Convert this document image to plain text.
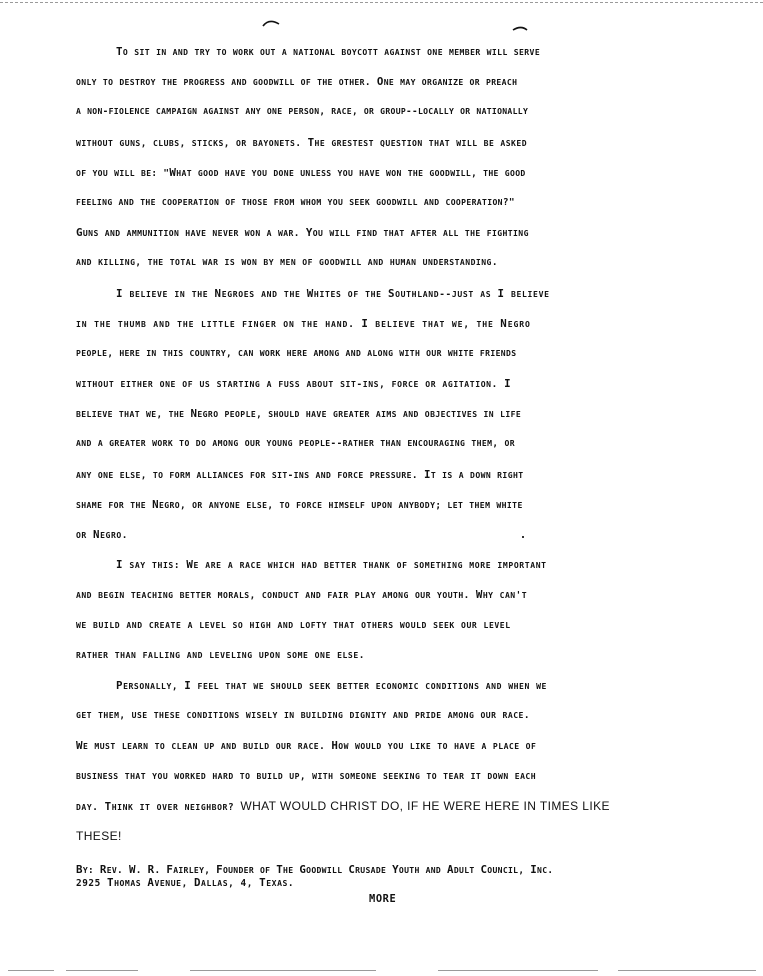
TO SIT IN AND TRY TO WORK OUT A NATIONAL BOYCOTT AGAINST ONE MEMBER WILL SERVE
ONLY TO DESTROY THE PROGRESS AND GOODWILL OF THE OTHER. ONE MAY ORGANIZE OR PREACH
A NON-FIOLENCE CAMPAIGN AGAINST ANY ONE PERSON, RACE, OR GROUP--LOCALLY OR NATIONALLY
WITHOUT GUNS, CLUBS, STICKS, OR BAYONETS. THE GRESTEST QUESTION THAT WILL BE ASKED
OF YOU WILL BE: "WHAT GOOD HAVE YOU DONE UNLESS YOU HAVE WON THE GOODWILL, THE GOOD
FEELING AND THE COOPERATION OF THOSE FROM WHOM YOU SEEK GOODWILL AND COOPERATION?"
GUNS AND AMMUNITION HAVE NEVER WON A WAR. YOU WILL FIND THAT AFTER ALL THE FIGHTING
AND KILLING, THE TOTAL WAR IS WON BY MEN OF GOODWILL AND HUMAN UNDERSTANDING.
I BELIEVE IN THE NEGROES AND THE WHITES OF THE SOUTHLAND--JUST AS I BELIEVE
IN THE THUMB AND THE LITTLE FINGER ON THE HAND. I BELIEVE THAT WE, THE NEGRO
PEOPLE, HERE IN THIS COUNTRY, CAN WORK HERE AMONG AND ALONG WITH OUR WHITE FRIENDS
WITHOUT EITHER ONE OF US STARTING A FUSS ABOUT SIT-INS, FORCE OR AGITATION. I
BELIEVE THAT WE, THE NEGRO PEOPLE, SHOULD HAVE GREATER AIMS AND OBJECTIVES IN LIFE
AND A GREATER WORK TO DO AMONG OUR YOUNG PEOPLE--RATHER THAN ENCOURAGING THEM, OR
ANY ONE ELSE, TO FORM ALLIANCES FOR SIT-INS AND FORCE PRESSURE. IT IS A DOWN RIGHT
SHAME FOR THE NEGRO, OR ANYONE ELSE, TO FORCE HIMSELF UPON ANYBODY; LET THEM WHITE
OR NEGRO.
I SAY THIS: WE ARE A RACE WHICH HAD BETTER THANK OF SOMETHING MORE IMPORTANT
AND BEGIN TEACHING BETTER MORALS, CONDUCT AND FAIR PLAY AMONG OUR YOUTH. WHY CAN'T
WE BUILD AND CREATE A LEVEL SO HIGH AND LOFTY THAT OTHERS WOULD SEEK OUR LEVEL
RATHER THAN FALLING AND LEVELING UPON SOME ONE ELSE.
PERSONALLY, I FEEL THAT WE SHOULD SEEK BETTER ECONOMIC CONDITIONS AND WHEN WE
GET THEM, USE THESE CONDITIONS WISELY IN BUILDING DIGNITY AND PRIDE AMONG OUR RACE.
WE MUST LEARN TO CLEAN UP AND BUILD OUR RACE. HOW WOULD YOU LIKE TO HAVE A PLACE OF
BUSINESS THAT YOU WORKED HARD TO BUILD UP, WITH SOMEONE SEEKING TO TEAR IT DOWN EACH
DAY. THINK IT OVER NEIGHBOR? WHAT WOULD CHRIST DO, IF HE WERE HERE IN TIMES LIKE
THESE!
BY: REV. W. R. FAIRLEY, FOUNDER OF THE GOODWILL CRUSADE YOUTH AND ADULT COUNCIL, INC.
2925 THOMAS AVENUE, DALLAS, 4, TEXAS.
MORE
